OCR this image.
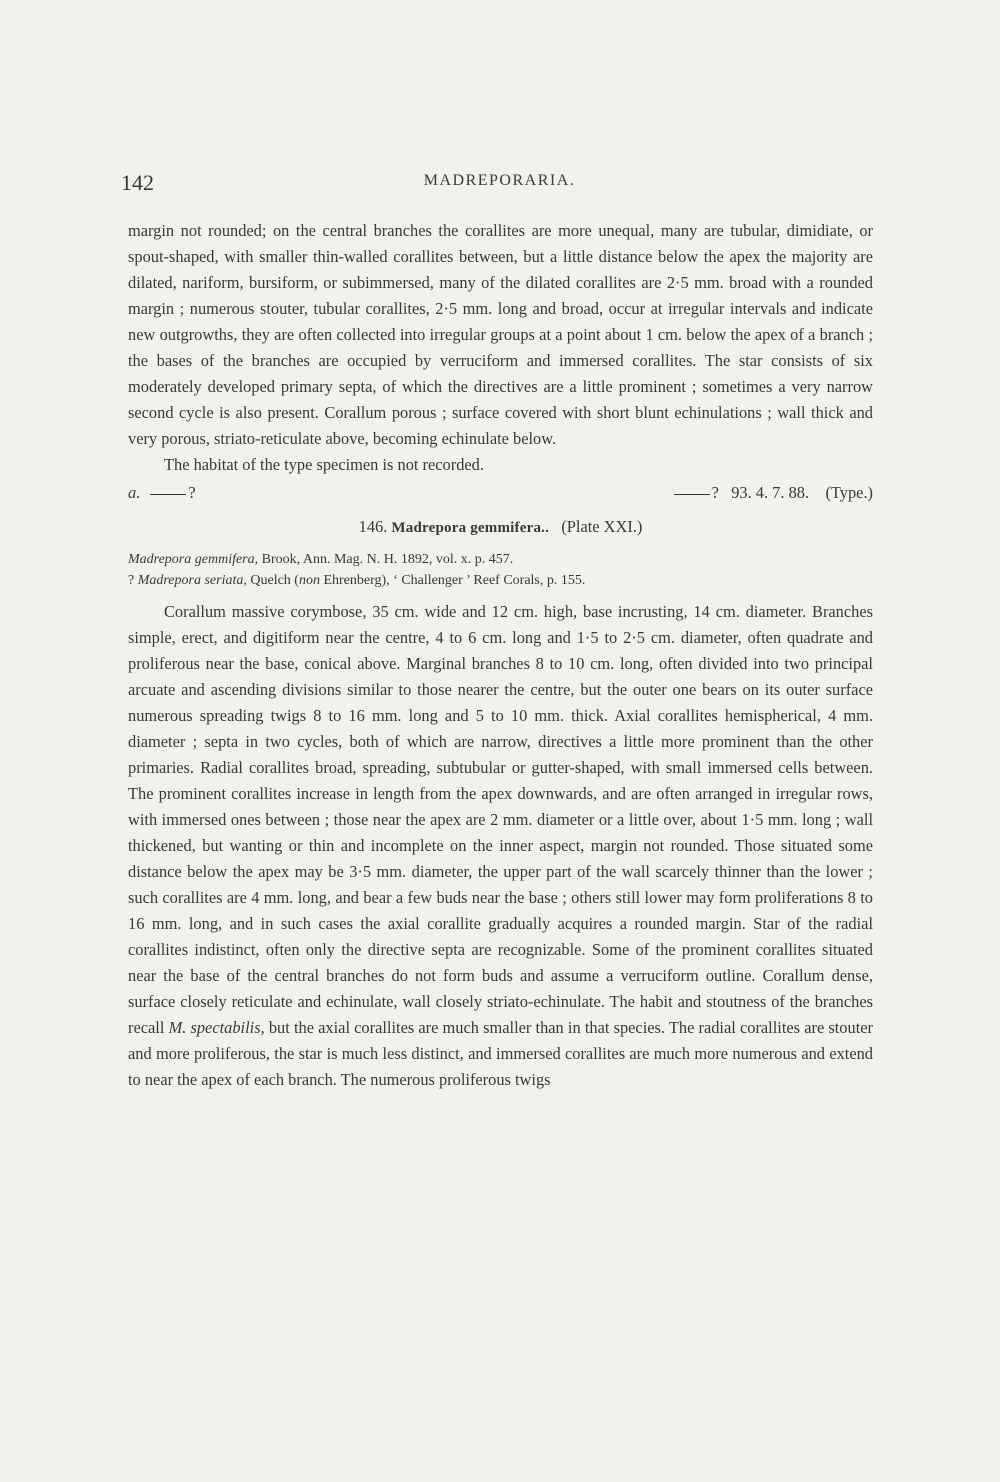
142	MADREPORARIA.

margin not rounded; on the central branches the corallites are more unequal, many are tubular, dimidiate, or spout-shaped, with smaller thin-walled corallites between, but a little distance below the apex the majority are dilated, nariform, bursiform, or subimmersed, many of the dilated corallites are 2·5 mm. broad with a rounded margin ; numerous stouter, tubular corallites, 2·5 mm. long and broad, occur at irregular intervals and indicate new outgrowths, they are often collected into irregular groups at a point about 1 cm. below the apex of a branch ; the bases of the branches are occupied by verruciform and immersed corallites. The star consists of six moderately developed primary septa, of which the directives are a little prominent ; sometimes a very narrow second cycle is also present. Corallum porous ; surface covered with short blunt echinulations ; wall thick and very porous, striato-reticulate above, becoming echinulate below.

The habitat of the type specimen is not recorded.

a.	?	? 93. 4. 7. 88. (Type.)
146. Madrepora gemmifera.. (Plate XXI.)
Madrepora gemmifera, Brook, Ann. Mag. N. H. 1892, vol. x. p. 457.
? Madrepora seriata, Quelch (non Ehrenberg), ‘ Challenger ’ Reef Corals, p. 155.

Corallum massive corymbose, 35 cm. wide and 12 cm. high, base incrusting, 14 cm. diameter. Branches simple, erect, and digitiform near the centre, 4 to 6 cm. long and 1·5 to 2·5 cm. diameter, often quadrate and proliferous near the base, conical above. Marginal branches 8 to 10 cm. long, often divided into two principal arcuate and ascending divisions similar to those nearer the centre, but the outer one bears on its outer surface numerous spreading twigs 8 to 16 mm. long and 5 to 10 mm. thick. Axial corallites hemispherical, 4 mm. diameter ; septa in two cycles, both of which are narrow, directives a little more prominent than the other primaries. Radial corallites broad, spreading, subtubular or gutter-shaped, with small immersed cells between. The prominent corallites increase in length from the apex downwards, and are often arranged in irregular rows, with immersed ones between ; those near the apex are 2 mm. diameter or a little over, about 1·5 mm. long ; wall thickened, but wanting or thin and incomplete on the inner aspect, margin not rounded. Those situated some distance below the apex may be 3·5 mm. diameter, the upper part of the wall scarcely thinner than the lower ; such corallites are 4 mm. long, and bear a few buds near the base ; others still lower may form proliferations 8 to 16 mm. long, and in such cases the axial corallite gradually acquires a rounded margin. Star of the radial corallites indistinct, often only the directive septa are recognizable. Some of the prominent corallites situated near the base of the central branches do not form buds and assume a verruciform outline. Corallum dense, surface closely reticulate and echinulate, wall closely striato-echinulate. The habit and stoutness of the branches recall M. spectabilis, but the axial corallites are much smaller than in that species. The radial corallites are stouter and more proliferous, the star is much less distinct, and immersed corallites are much more numerous and extend to near the apex of each branch. The numerous proliferous twigs
